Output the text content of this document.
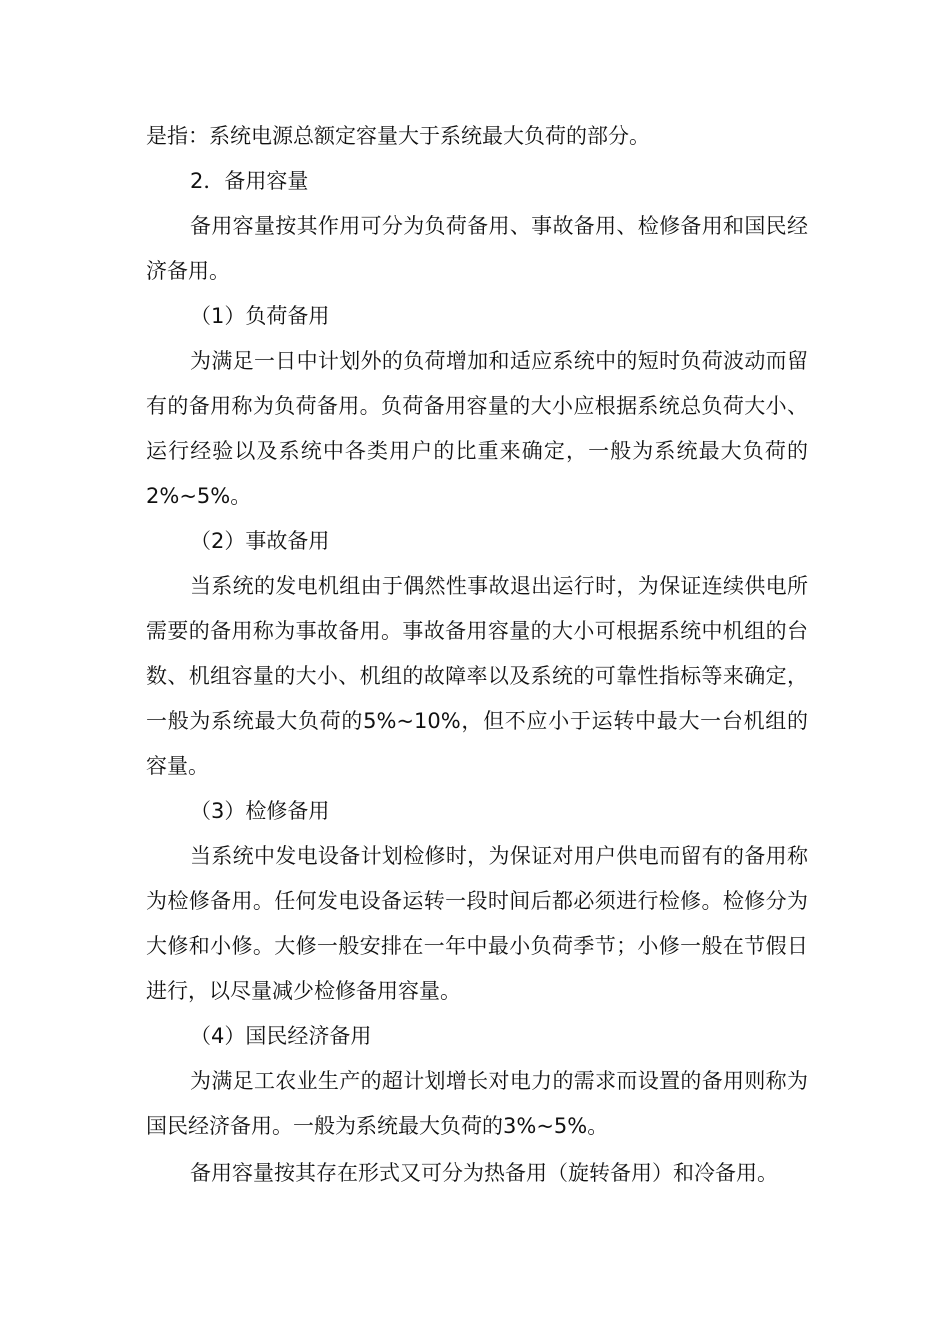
是指：系统电源总额定容量大于系统最大负荷的部分。

2．备用容量

备用容量按其作用可分为负荷备用、事故备用、检修备用和国民经济备用。

（1）负荷备用

为满足一日中计划外的负荷增加和适应系统中的短时负荷波动而留有的备用称为负荷备用。负荷备用容量的大小应根据系统总负荷大小、运行经验以及系统中各类用户的比重来确定，一般为系统最大负荷的2%~5%。

（2）事故备用

当系统的发电机组由于偶然性事故退出运行时，为保证连续供电所需要的备用称为事故备用。事故备用容量的大小可根据系统中机组的台数、机组容量的大小、机组的故障率以及系统的可靠性指标等来确定，一般为系统最大负荷的5%~10%，但不应小于运转中最大一台机组的容量。

（3）检修备用

当系统中发电设备计划检修时，为保证对用户供电而留有的备用称为检修备用。任何发电设备运转一段时间后都必须进行检修。检修分为大修和小修。大修一般安排在一年中最小负荷季节；小修一般在节假日进行，以尽量减少检修备用容量。

（4）国民经济备用

为满足工农业生产的超计划增长对电力的需求而设置的备用则称为国民经济备用。一般为系统最大负荷的3%~5%。

备用容量按其存在形式又可分为热备用（旋转备用）和冷备用。
